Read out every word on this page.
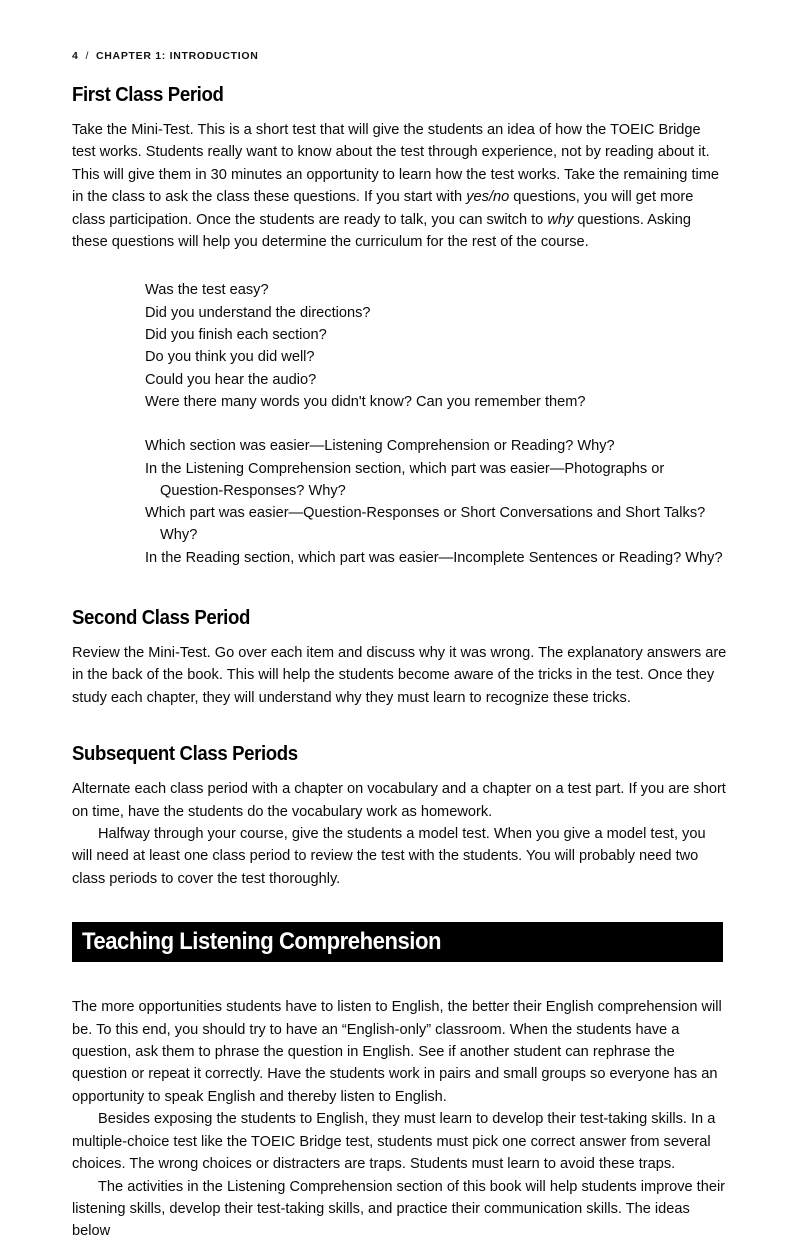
4 / CHAPTER 1: INTRODUCTION
First Class Period

Take the Mini-Test. This is a short test that will give the students an idea of how the TOEIC Bridge test works. Students really want to know about the test through experience, not by reading about it. This will give them in 30 minutes an opportunity to learn how the test works. Take the remaining time in the class to ask the class these questions. If you start with yes/no questions, you will get more class participation. Once the students are ready to talk, you can switch to why questions. Asking these questions will help you determine the curriculum for the rest of the course.

Was the test easy?
Did you understand the directions?
Did you finish each section?
Do you think you did well?
Could you hear the audio?
Were there many words you didn't know? Can you remember them?
Which section was easier—Listening Comprehension or Reading? Why?
In the Listening Comprehension section, which part was easier—Photographs or Question-Responses? Why?
Which part was easier—Question-Responses or Short Conversations and Short Talks? Why?
In the Reading section, which part was easier—Incomplete Sentences or Reading? Why?
Second Class Period

Review the Mini-Test. Go over each item and discuss why it was wrong. The explanatory answers are in the back of the book. This will help the students become aware of the tricks in the test. Once they study each chapter, they will understand why they must learn to recognize these tricks.

Subsequent Class Periods

Alternate each class period with a chapter on vocabulary and a chapter on a test part. If you are short on time, have the students do the vocabulary work as homework.

Halfway through your course, give the students a model test. When you give a model test, you will need at least one class period to review the test with the students. You will probably need two class periods to cover the test thoroughly.

Teaching Listening Comprehension

The more opportunities students have to listen to English, the better their English comprehension will be. To this end, you should try to have an “English-only” classroom. When the students have a question, ask them to phrase the question in English. See if another student can rephrase the question or repeat it correctly. Have the students work in pairs and small groups so everyone has an opportunity to speak English and thereby listen to English.

Besides exposing the students to English, they must learn to develop their test-taking skills. In a multiple-choice test like the TOEIC Bridge test, students must pick one correct answer from several choices. The wrong choices or distracters are traps. Students must learn to avoid these traps.

The activities in the Listening Comprehension section of this book will help students improve their listening skills, develop their test-taking skills, and practice their communication skills. The ideas below
